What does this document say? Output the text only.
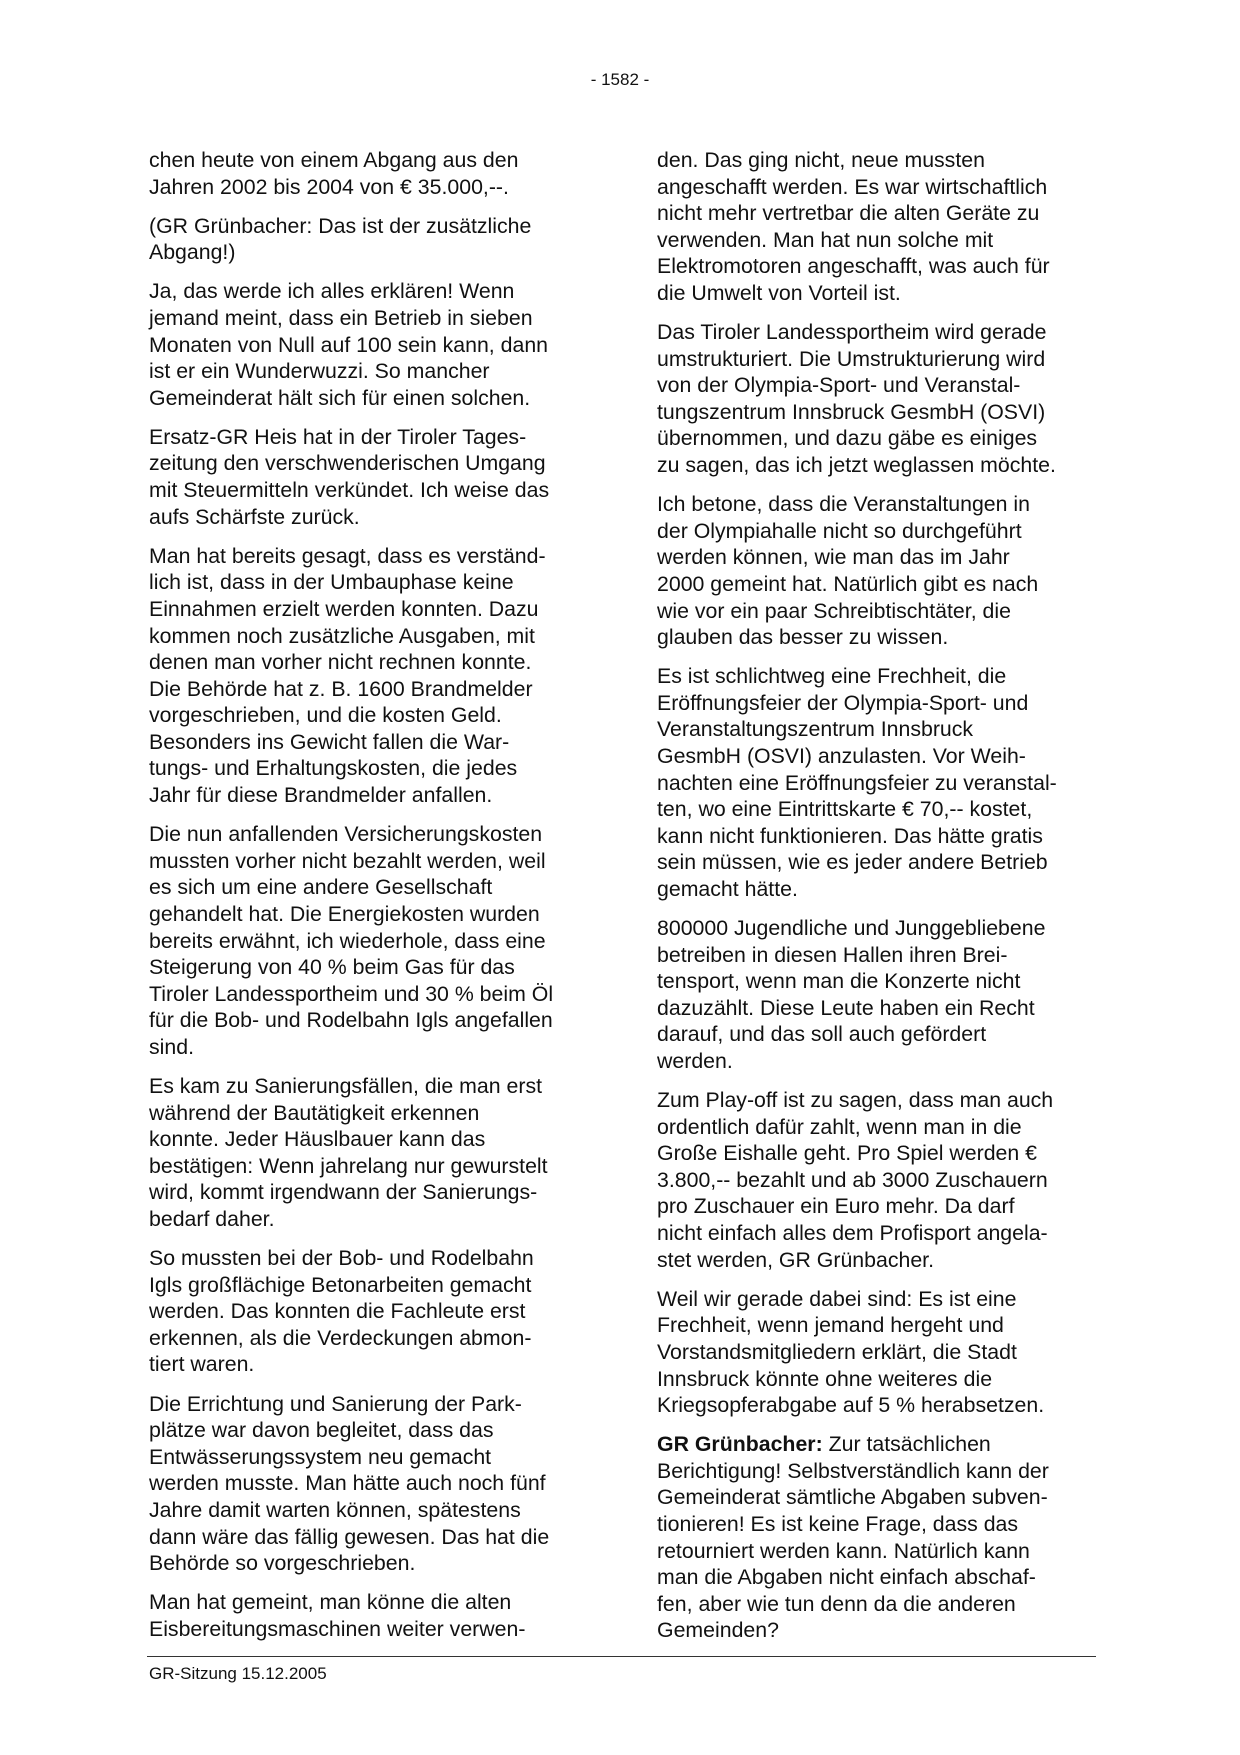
- 1582 -

chen heute von einem Abgang aus den
Jahren 2002 bis 2004 von € 35.000,--.

(GR Grünbacher: Das ist der zusätzliche
Abgang!)

Ja, das werde ich alles erklären! Wenn
jemand meint, dass ein Betrieb in sieben
Monaten von Null auf 100 sein kann, dann
ist er ein Wunderwuzzi. So mancher
Gemeinderat hält sich für einen solchen.

Ersatz-GR Heis hat in der Tiroler Tages-
zeitung den verschwenderischen Umgang
mit Steuermitteln verkündet. Ich weise das
aufs Schärfste zurück.

Man hat bereits gesagt, dass es verständ-
lich ist, dass in der Umbauphase keine
Einnahmen erzielt werden konnten. Dazu
kommen noch zusätzliche Ausgaben, mit
denen man vorher nicht rechnen konnte.
Die Behörde hat z. B. 1600 Brandmelder
vorgeschrieben, und die kosten Geld.
Besonders ins Gewicht fallen die War-
tungs- und Erhaltungskosten, die jedes
Jahr für diese Brandmelder anfallen.

Die nun anfallenden Versicherungskosten
mussten vorher nicht bezahlt werden, weil
es sich um eine andere Gesellschaft
gehandelt hat. Die Energiekosten wurden
bereits erwähnt, ich wiederhole, dass eine
Steigerung von 40 % beim Gas für das
Tiroler Landessportheim und 30 % beim Öl
für die Bob- und Rodelbahn Igls angefallen
sind.

Es kam zu Sanierungsfällen, die man erst
während der Bautätigkeit erkennen
konnte. Jeder Häuslbauer kann das
bestätigen: Wenn jahrelang nur gewurstelt
wird, kommt irgendwann der Sanierungs-
bedarf daher.

So mussten bei der Bob- und Rodelbahn
Igls großflächige Betonarbeiten gemacht
werden. Das konnten die Fachleute erst
erkennen, als die Verdeckungen abmon-
tiert waren.

Die Errichtung und Sanierung der Park-
plätze war davon begleitet, dass das
Entwässerungssystem neu gemacht
werden musste. Man hätte auch noch fünf
Jahre damit warten können, spätestens
dann wäre das fällig gewesen. Das hat die
Behörde so vorgeschrieben.

Man hat gemeint, man könne die alten
Eisbereitungsmaschinen weiter verwen-

den. Das ging nicht, neue mussten
angeschafft werden. Es war wirtschaftlich
nicht mehr vertretbar die alten Geräte zu
verwenden. Man hat nun solche mit
Elektromotoren angeschafft, was auch für
die Umwelt von Vorteil ist.

Das Tiroler Landessportheim wird gerade
umstrukturiert. Die Umstrukturierung wird
von der Olympia-Sport- und Veranstal-
tungszentrum Innsbruck GesmbH (OSVI)
übernommen, und dazu gäbe es einiges
zu sagen, das ich jetzt weglassen möchte.

Ich betone, dass die Veranstaltungen in
der Olympiahalle nicht so durchgeführt
werden können, wie man das im Jahr
2000 gemeint hat. Natürlich gibt es nach
wie vor ein paar Schreibtischtäter, die
glauben das besser zu wissen.

Es ist schlichtweg eine Frechheit, die
Eröffnungsfeier der Olympia-Sport- und
Veranstaltungszentrum Innsbruck
GesmbH (OSVI) anzulasten. Vor Weih-
nachten eine Eröffnungsfeier zu veranstal-
ten, wo eine Eintrittskarte € 70,-- kostet,
kann nicht funktionieren. Das hätte gratis
sein müssen, wie es jeder andere Betrieb
gemacht hätte.

800000 Jugendliche und Junggebliebene
betreiben in diesen Hallen ihren Brei-
tensport, wenn man die Konzerte nicht
dazuzählt. Diese Leute haben ein Recht
darauf, und das soll auch gefördert
werden.

Zum Play-off ist zu sagen, dass man auch
ordentlich dafür zahlt, wenn man in die
Große Eishalle geht. Pro Spiel werden €
3.800,-- bezahlt und ab 3000 Zuschauern
pro Zuschauer ein Euro mehr. Da darf
nicht einfach alles dem Profisport angela-
stet werden, GR Grünbacher.

Weil wir gerade dabei sind: Es ist eine
Frechheit, wenn jemand hergeht und
Vorstandsmitgliedern erklärt, die Stadt
Innsbruck könnte ohne weiteres die
Kriegsopferabgabe auf 5 % herabsetzen.

GR Grünbacher: Zur tatsächlichen
Berichtigung! Selbstverständlich kann der
Gemeinderat sämtliche Abgaben subven-
tionieren! Es ist keine Frage, dass das
retourniert werden kann. Natürlich kann
man die Abgaben nicht einfach abschaf-
fen, aber wie tun denn da die anderen
Gemeinden?

GR-Sitzung 15.12.2005
